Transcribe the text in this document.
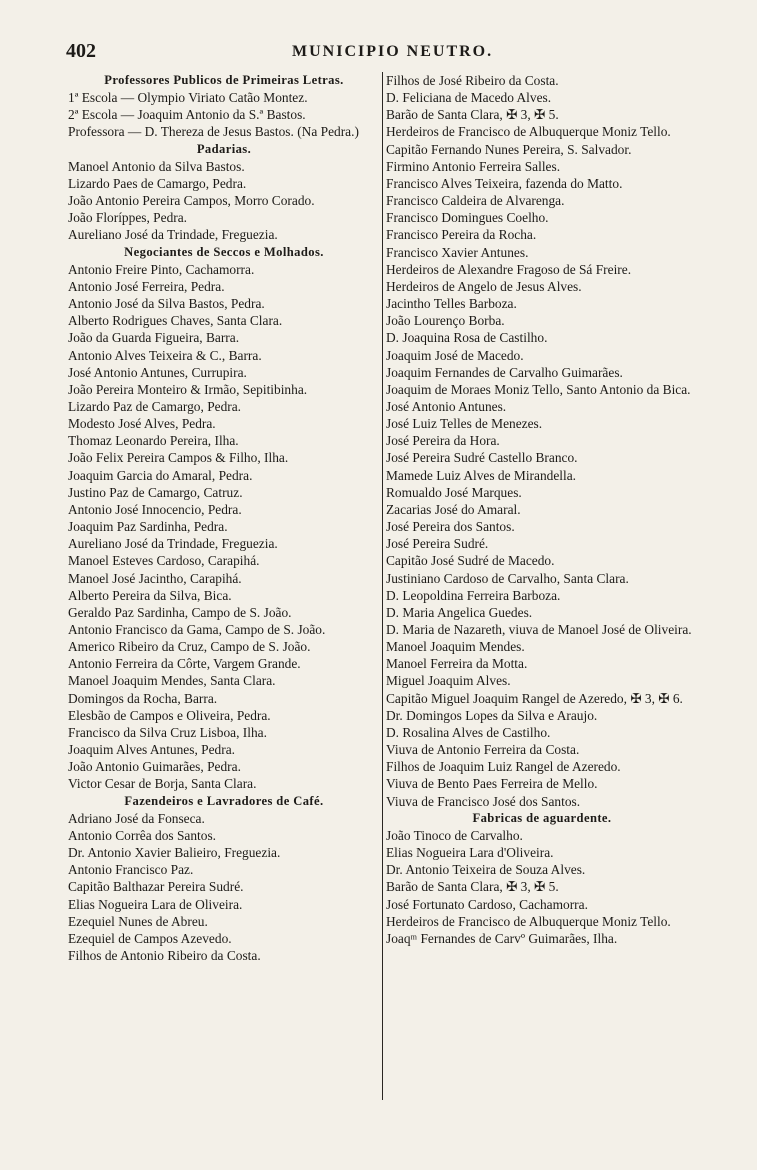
402	MUNICIPIO NEUTRO.

Professores Publicos de Primeiras Letras.

1ª Escola — Olympio Viriato Catão Montez.

2ª Escola — Joaquim Antonio da S.ª Bastos.

Professora — D. Thereza de Jesus Bastos. (Na Pedra.)

Padarias.

Manoel Antonio da Silva Bastos.

Lizardo Paes de Camargo, Pedra.

João Antonio Pereira Campos, Morro Corado.

João Floríppes, Pedra.

Aureliano José da Trindade, Freguezia.

Negociantes de Seccos e Molhados.

Antonio Freire Pinto, Cachamorra.

Antonio José Ferreira, Pedra.

Antonio José da Silva Bastos, Pedra.

Alberto Rodrigues Chaves, Santa Clara.

João da Guarda Figueira, Barra.

Antonio Alves Teixeira & C., Barra.

José Antonio Antunes, Currupira.

João Pereira Monteiro & Irmão, Sepitibinha.

Lizardo Paz de Camargo, Pedra.

Modesto José Alves, Pedra.

Thomaz Leonardo Pereira, Ilha.

João Felix Pereira Campos & Filho, Ilha.

Joaquim Garcia do Amaral, Pedra.

Justino Paz de Camargo, Catruz.

Antonio José Innocencio, Pedra.

Joaquim Paz Sardinha, Pedra.

Aureliano José da Trindade, Freguezia.

Manoel Esteves Cardoso, Carapihá.

Manoel José Jacintho, Carapihá.

Alberto Pereira da Silva, Bica.

Geraldo Paz Sardinha, Campo de S. João.

Antonio Francisco da Gama, Campo de S. João.

Americo Ribeiro da Cruz, Campo de S. João.

Antonio Ferreira da Côrte, Vargem Grande.

Manoel Joaquim Mendes, Santa Clara.

Domingos da Rocha, Barra.

Elesbão de Campos e Oliveira, Pedra.

Francisco da Silva Cruz Lisboa, Ilha.

Joaquim Alves Antunes, Pedra.

João Antonio Guimarães, Pedra.

Victor Cesar de Borja, Santa Clara.

Fazendeiros e Lavradores de Café.

Adriano José da Fonseca.

Antonio Corrêa dos Santos.

Dr. Antonio Xavier Balieiro, Freguezia.

Antonio Francisco Paz.

Capitão Balthazar Pereira Sudré.

Elias Nogueira Lara de Oliveira.

Ezequiel Nunes de Abreu.

Ezequiel de Campos Azevedo.

Filhos de Antonio Ribeiro da Costa.

Filhos de José Ribeiro da Costa.

D. Feliciana de Macedo Alves.

Barão de Santa Clara, ✠ 3, ✠ 5.

Herdeiros de Francisco de Albuquerque Moniz Tello.

Capitão Fernando Nunes Pereira, S. Salvador.

Firmino Antonio Ferreira Salles.

Francisco Alves Teixeira, fazenda do Matto.

Francisco Caldeira de Alvarenga.

Francisco Domingues Coelho.

Francisco Pereira da Rocha.

Francisco Xavier Antunes.

Herdeiros de Alexandre Fragoso de Sá Freire.

Herdeiros de Angelo de Jesus Alves.

Jacintho Telles Barboza.

João Lourenço Borba.

D. Joaquina Rosa de Castilho.

Joaquim José de Macedo.

Joaquim Fernandes de Carvalho Guimarães.

Joaquim de Moraes Moniz Tello, Santo Antonio da Bica.

José Antonio Antunes.

José Luiz Telles de Menezes.

José Pereira da Hora.

José Pereira Sudré Castello Branco.

Mamede Luiz Alves de Mirandella.

Romualdo José Marques.

Zacarias José do Amaral.

José Pereira dos Santos.

José Pereira Sudré.

Capitão José Sudré de Macedo.

Justiniano Cardoso de Carvalho, Santa Clara.

D. Leopoldina Ferreira Barboza.

D. Maria Angelica Guedes.

D. Maria de Nazareth, viuva de Manoel José de Oliveira.

Manoel Joaquim Mendes.

Manoel Ferreira da Motta.

Miguel Joaquim Alves.

Capitão Miguel Joaquim Rangel de Azeredo, ✠ 3, ✠ 6.

Dr. Domingos Lopes da Silva e Araujo.

D. Rosalina Alves de Castilho.

Viuva de Antonio Ferreira da Costa.

Filhos de Joaquim Luiz Rangel de Azeredo.

Viuva de Bento Paes Ferreira de Mello.

Viuva de Francisco José dos Santos.

Fabricas de aguardente.

João Tinoco de Carvalho.

Elias Nogueira Lara d'Oliveira.

Dr. Antonio Teixeira de Souza Alves.

Barão de Santa Clara, ✠ 3, ✠ 5.

José Fortunato Cardoso, Cachamorra.

Herdeiros de Francisco de Albuquerque Moniz Tello.

Joaqᵐ Fernandes de Carvº Guimarães, Ilha.
